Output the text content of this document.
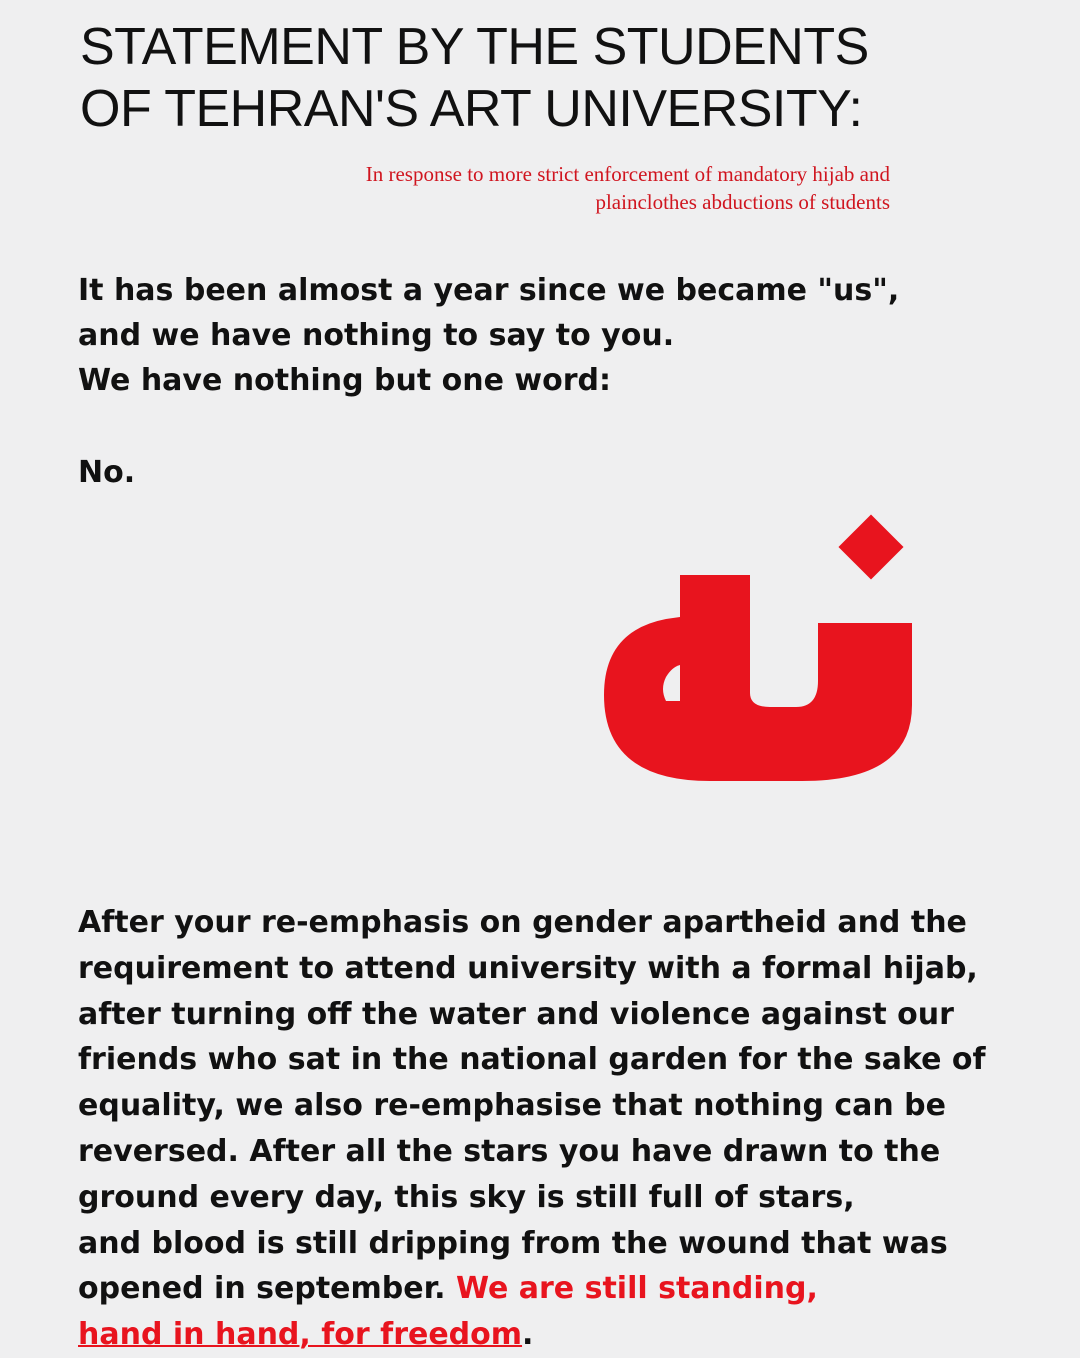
STATEMENT BY THE STUDENTS
OF TEHRAN'S ART UNIVERSITY:
In response to more strict enforcement of mandatory hijab and
plainclothes abductions of students
It has been almost a year since we became "us",
and we have nothing to say to you.
We have nothing but one word:
No.
After your re-emphasis on gender apartheid and the
requirement to attend university with a formal hijab,
after turning off the water and violence against our
friends who sat in the national garden for the sake of
equality, we also re-emphasise that nothing can be
reversed. After all the stars you have drawn to the
ground every day, this sky is still full of stars,
and blood is still dripping from the wound that was
opened in september. We are still standing,
hand in hand, for freedom.
